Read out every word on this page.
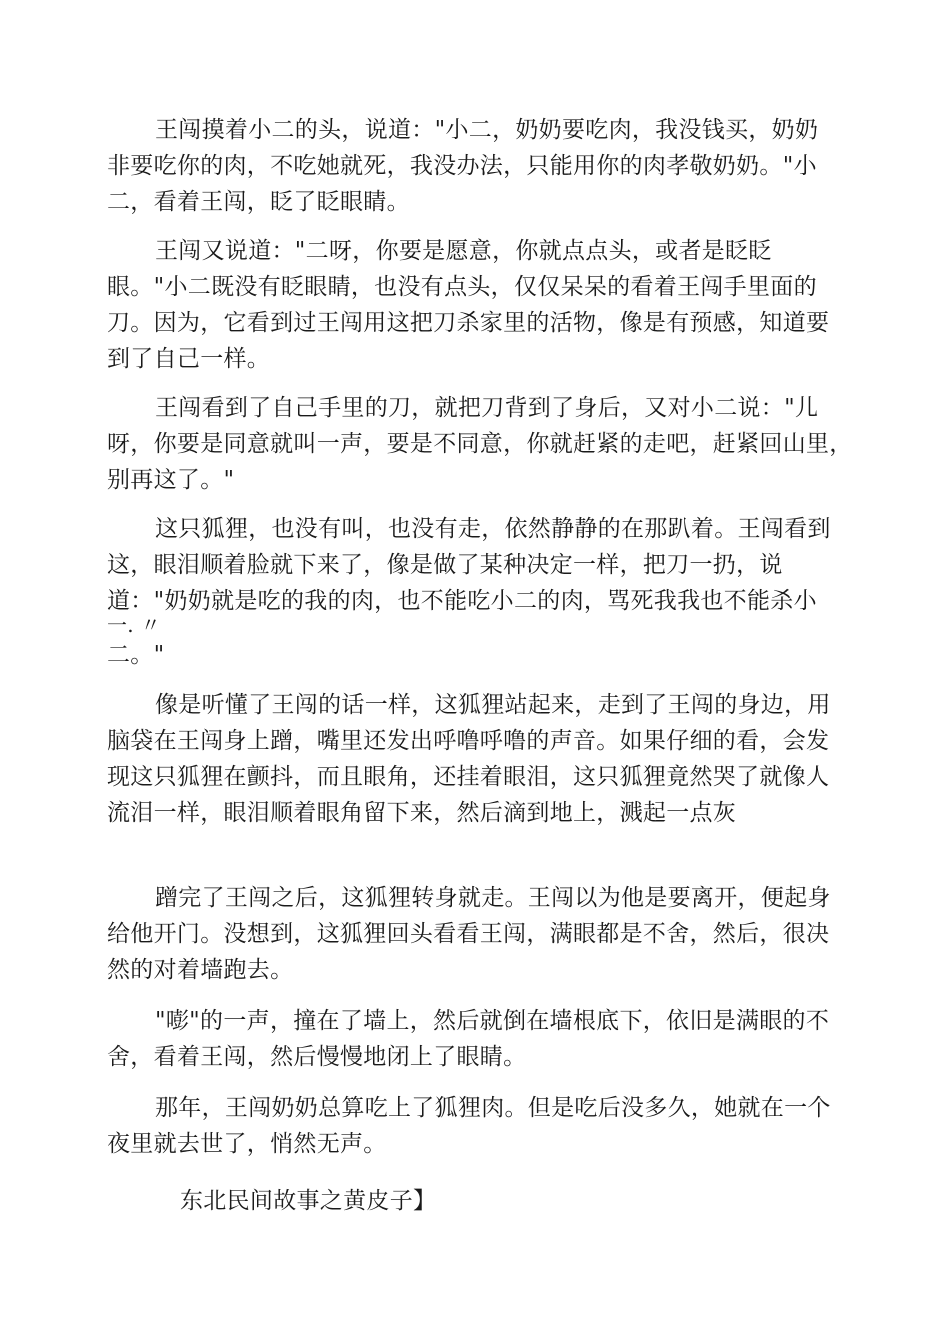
王闯摸着小二的头，说道："小二，奶奶要吃肉，我没钱买，奶奶
非要吃你的肉，不吃她就死，我没办法，只能用你的肉孝敬奶奶。"小
二，看着王闯，眨了眨眼睛。
王闯又说道："二呀，你要是愿意，你就点点头，或者是眨眨
眼。"小二既没有眨眼睛，也没有点头，仅仅呆呆的看着王闯手里面的
刀。因为，它看到过王闯用这把刀杀家里的活物，像是有预感，知道要
到了自己一样。
王闯看到了自己手里的刀，就把刀背到了身后，又对小二说："儿
呀，你要是同意就叫一声，要是不同意，你就赶紧的走吧，赶紧回山里，
别再这了。"
这只狐狸，也没有叫，也没有走，依然静静的在那趴着。王闯看到
这，眼泪顺着脸就下来了，像是做了某种决定一样，把刀一扔，说
道："奶奶就是吃的我的肉，也不能吃小二的肉，骂死我我也不能杀小
一. 〃
二。"
像是听懂了王闯的话一样，这狐狸站起来，走到了王闯的身边，用
脑袋在王闯身上蹭，嘴里还发出呼噜呼噜的声音。如果仔细的看，会发
现这只狐狸在颤抖，而且眼角，还挂着眼泪，这只狐狸竟然哭了就像人
流泪一样，眼泪顺着眼角留下来，然后滴到地上，溅起一点灰
蹭完了王闯之后，这狐狸转身就走。王闯以为他是要离开，便起身
给他开门。没想到，这狐狸回头看看王闯，满眼都是不舍，然后，很决
然的对着墙跑去。
"嘭"的一声，撞在了墙上，然后就倒在墙根底下，依旧是满眼的不
舍，看着王闯，然后慢慢地闭上了眼睛。
那年，王闯奶奶总算吃上了狐狸肉。但是吃后没多久，她就在一个
夜里就去世了，悄然无声。
东北民间故事之黄皮子】
